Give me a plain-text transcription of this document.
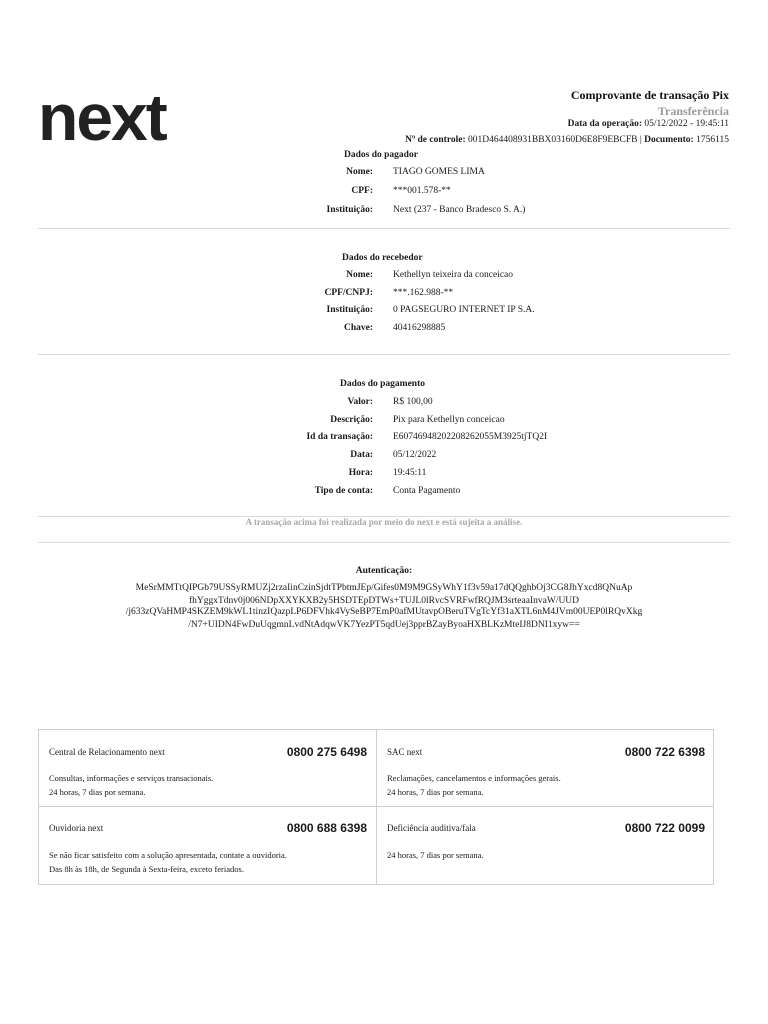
next	Comprovante de transação Pix
Transferência
Data da operação: 05/12/2022 - 19:45:11
Nº de controle: 001D464408931BBX03160D6E8F9EBCFB | Documento: 1756115
Dados do pagador
Nome: TIAGO GOMES LIMA
CPF: ***001.578-**
Instituição: Next (237 - Banco Bradesco S. A.)
Dados do recebedor
Nome: Kethellyn teixeira da conceicao
CPF/CNPJ: ***.162.988-**
Instituição: 0 PAGSEGURO INTERNET IP S.A.
Chave: 40416298885
Dados do pagamento
Valor: R$ 100,00
Descrição: Pix para Kethellyn conceicao
Id da transação: E60746948202208262055M3925tjTQ2I
Data: 05/12/2022
Hora: 19:45:11
Tipo de conta: Conta Pagamento
A transação acima foi realizada por meio do next e está sujeita a análise.
Autenticação:
MeSrMMTtQIPGb79USSyRMUZj2rzaIinCzinSjdtTPbtmJEp/Gifes0M9M9GSyWhY1f3v59a17dQQghbOj3CG8JhYxcd8QNuAp
fhYggxTdnv0j006NDpXXYKXB2y5HSDTEpDTWs+TUJL0lRvcSVRFwfRQJM3srteaaInvaW/UUD
/j633zQVaHMP4SKZEM9kWL1tinzIQazpLP6DFVhk4VySeBP7EmP0afMUtavpOBeruTVgTcYf31aXTL6nM4JVm00UEP0lRQvXkg
/N7+UIDN4FwDuUqgmnLvdNtAdqwVK7YezPT5qdUej3pprBZayByoaHXBLKzMteIJ8DNI1xyw==
Central de Relacionamento next	0800 275 6498
Consultas, informações e serviços transacionais.
24 horas, 7 dias por semana.
SAC next	0800 722 6398
Reclamações, cancelamentos e informações gerais.
24 horas, 7 dias por semana.
Ouvidoria next	0800 688 6398
Se não ficar satisfeito com a solução apresentada, contate a ouvidoria.
Das 8h às 18h, de Segunda à Sexta-feira, exceto feriados.
Deficiência auditiva/fala	0800 722 0099
24 horas, 7 dias por semana.
